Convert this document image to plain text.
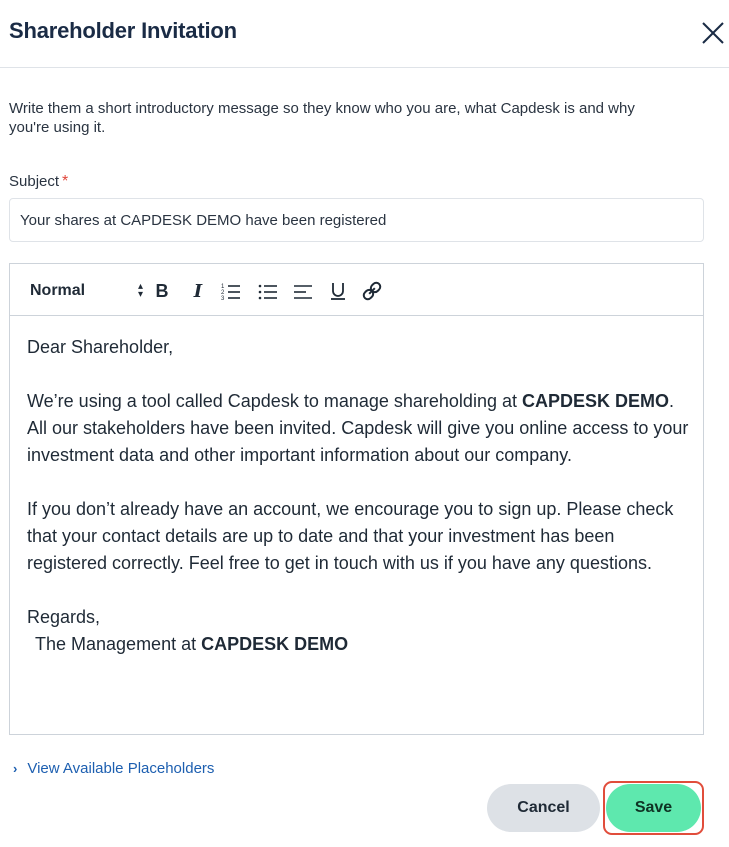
Shareholder Invitation
Write them a short introductory message so they know who you are, what Capdesk is and why you're using it.
Subject *
Your shares at CAPDESK DEMO have been registered
Normal	▴
▾ B	I	1
2
3

Dear Shareholder,

We’re using a tool called Capdesk to manage shareholding at CAPDESK DEMO. All our stakeholders have been invited. Capdesk will give you online access to your investment data and other important information about our company.

If you don’t already have an account, we encourage you to sign up. Please check that your contact details are up to date and that your investment has been registered correctly. Feel free to get in touch with us if you have any questions.

Regards,

The Management at CAPDESK DEMO

› View Available Placeholders
Cancel	Save
